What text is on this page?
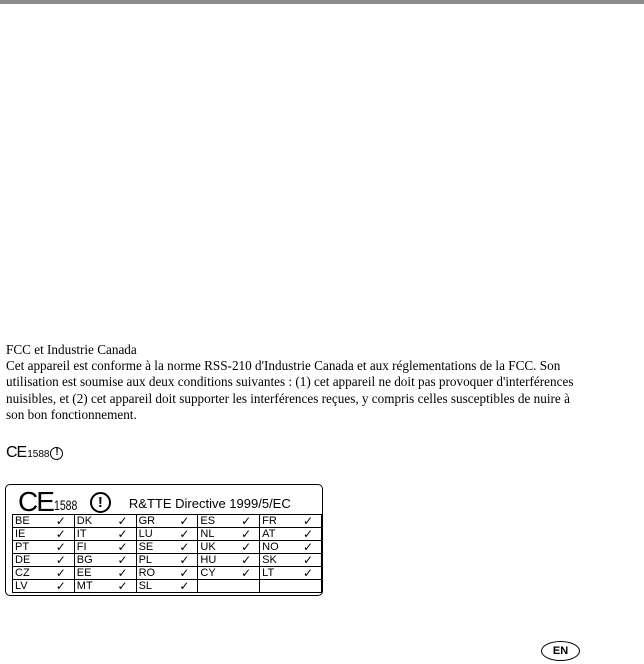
FCC et Industrie Canada
Cet appareil est conforme à la norme RSS-210 d'Industrie Canada et aux réglementations de la FCC. Son
utilisation est soumise aux deux conditions suivantes : (1) cet appareil ne doit pas provoquer d'interférences
nuisibles, et (2) cet appareil doit supporter les interférences reçues, y compris celles susceptibles de nuire à
son bon fonctionnement.
CE 1588 !
CE 1588	!	R&TTE Directive 1999/5/EC
BE ✓	DK ✓	GR ✓	ES ✓	FR ✓

IE ✓	IT ✓	LU ✓	NL ✓	AT ✓

PT ✓	FI ✓	SE ✓	UK ✓	NO ✓

DE ✓	BG ✓	PL ✓	HU ✓	SK ✓

CZ ✓	EE ✓	RO ✓	CY ✓	LT ✓

LV ✓	MT ✓	SL ✓		

EN
